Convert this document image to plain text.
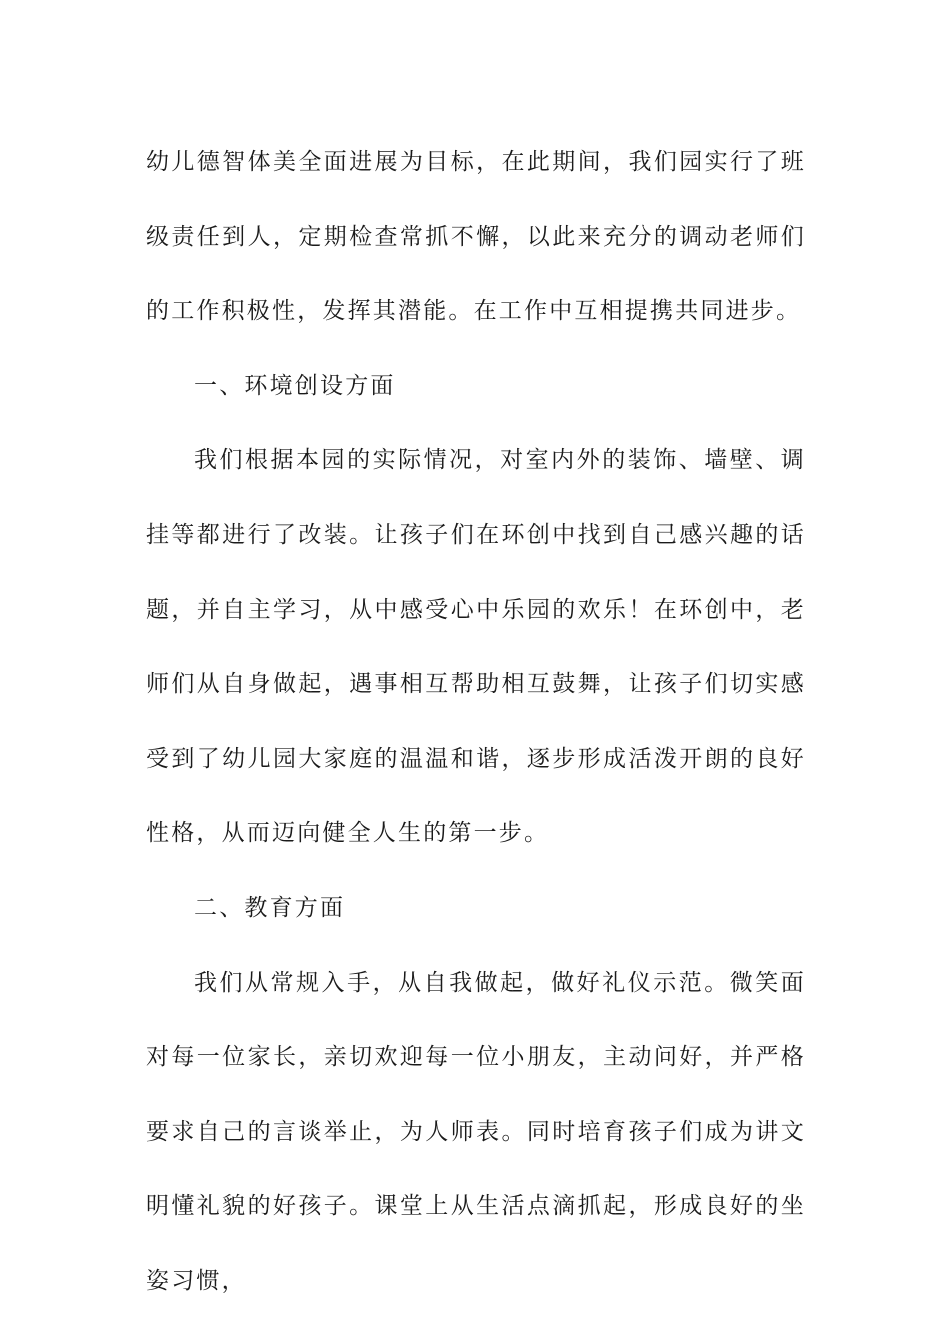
幼儿德智体美全面进展为目标，在此期间，我们园实行了班级责任到人，定期检查常抓不懈，以此来充分的调动老师们的工作积极性，发挥其潜能。在工作中互相提携共同进步。

一、环境创设方面

我们根据本园的实际情况，对室内外的装饰、墙壁、调挂等都进行了改装。让孩子们在环创中找到自己感兴趣的话题，并自主学习，从中感受心中乐园的欢乐！在环创中，老师们从自身做起，遇事相互帮助相互鼓舞，让孩子们切实感受到了幼儿园大家庭的温温和谐，逐步形成活泼开朗的良好性格，从而迈向健全人生的第一步。

二、教育方面

我们从常规入手，从自我做起，做好礼仪示范。微笑面对每一位家长，亲切欢迎每一位小朋友，主动问好，并严格要求自己的言谈举止，为人师表。同时培育孩子们成为讲文明懂礼貌的好孩子。课堂上从生活点滴抓起，形成良好的坐姿习惯，
